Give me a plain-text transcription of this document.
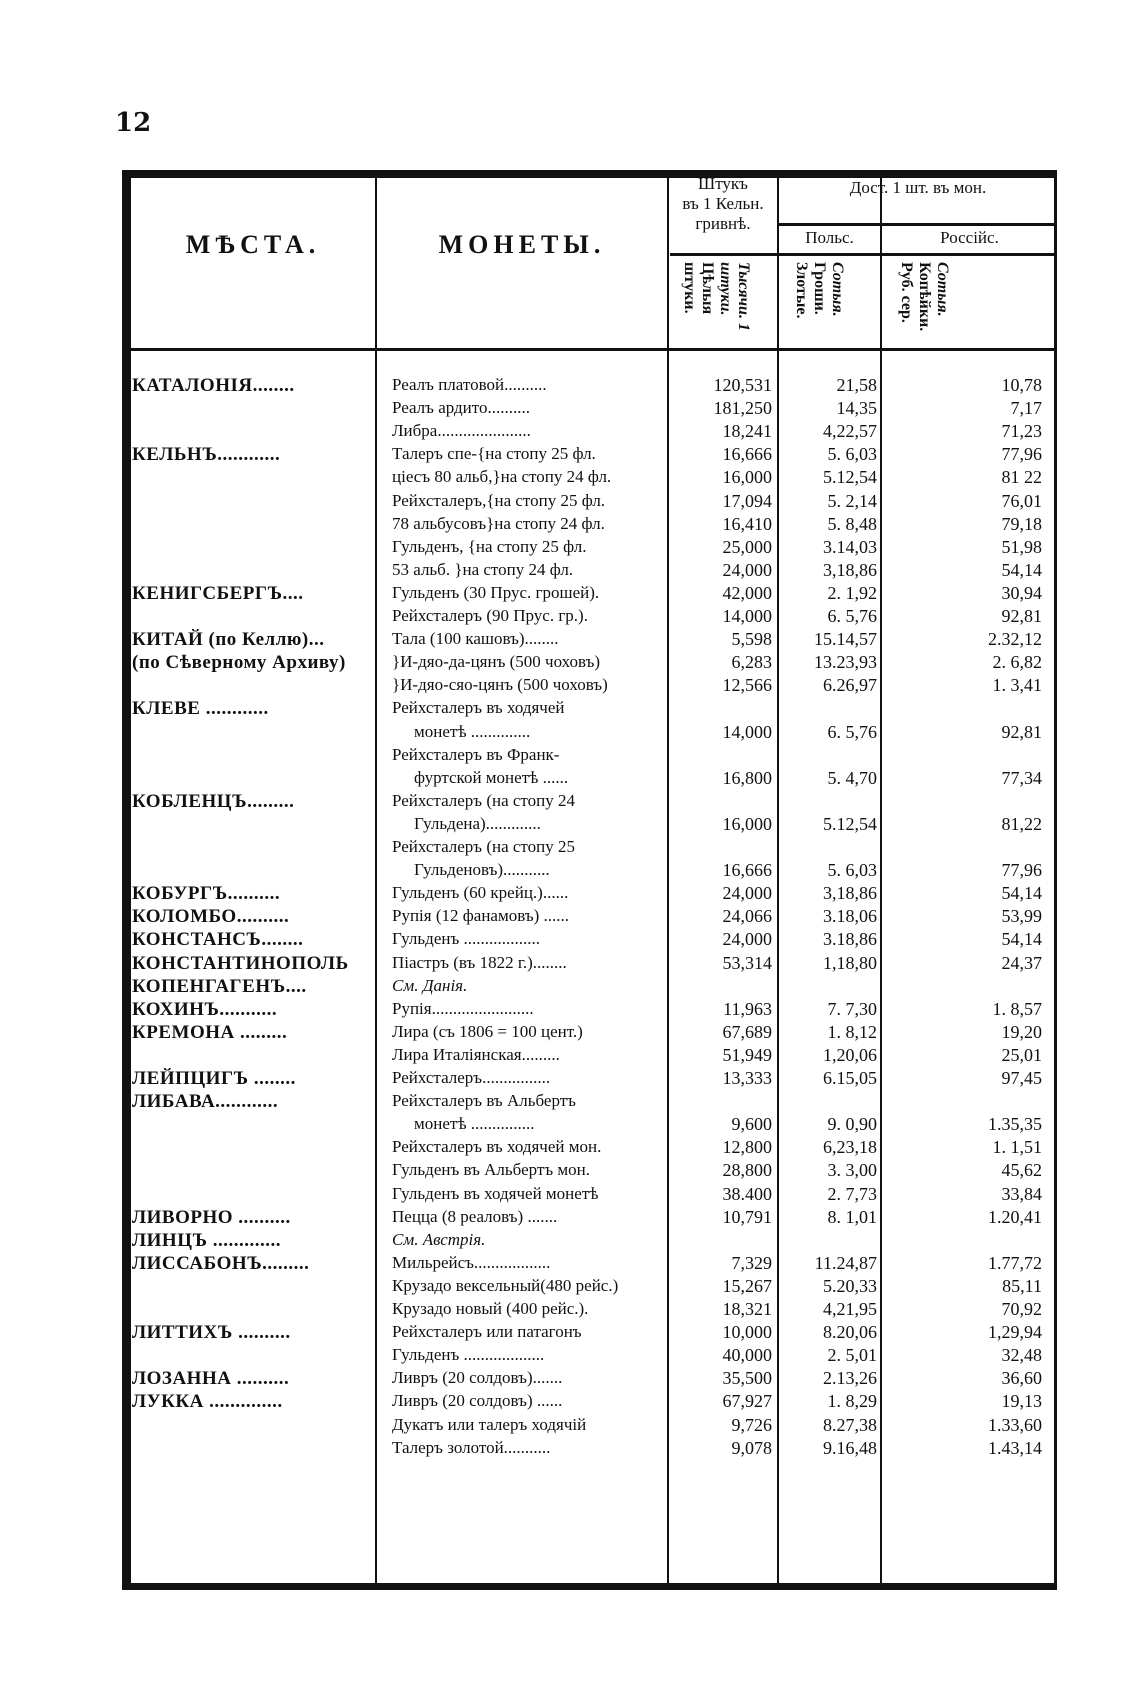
12
МѢСТА.	МОНЕТЫ.
Штукъ
въ 1 Кельн.
гривнѣ.
Дост. 1 шт. въ мон.
Польс.	Россійс.
Тысячи. 1 штуки. Цѣлыя штуки.	Сотыя. Гроши. Злотые.	Сотыя. Копѣйки. Руб. сер.
КАТАЛОНІЯ........	Реалъ платовой..........	120,531	21,58	10,78
Реалъ ардито..........	181,250	14,35	7,17
Либра......................	18,241	4,22,57	71,23
КЕЛЬНЪ............	Талеръ спе-{на стопу 25 фл.	16,666	5. 6,03	77,96
ціесъ 80 альб,}на стопу 24 фл.	16,000	5.12,54	81 22
Рейхсталеръ,{на стопу 25 фл.	17,094	5. 2,14	76,01
78 альбусовъ}на стопу 24 фл.	16,410	5. 8,48	79,18
Гульденъ, {на стопу 25 фл.	25,000	3.14,03	51,98
53 альб. }на стопу 24 фл.	24,000	3,18,86	54,14
КЕНИГСБЕРГЪ....	Гульденъ (30 Прус. грошей).	42,000	2. 1,92	30,94
Рейхсталеръ (90 Прус. гр.).	14,000	6. 5,76	92,81
КИТАЙ (по Келлю)...	Тала (100 кашовъ)........	5,598	15.14,57	2.32,12
(по Сѣверному Архиву)	}И-дяо-да-цянъ (500 чоховъ)	6,283	13.23,93	2. 6,82
}И-дяо-сяо-цянъ (500 чоховъ)	12,566	6.26,97	1. 3,41
КЛЕВЕ ............	Рейхсталеръ въ ходячей
монетѣ ..............	14,000	6. 5,76	92,81
Рейхсталеръ въ Франк-
фуртской монетѣ ......	16,800	5. 4,70	77,34
КОБЛЕНЦЪ.........	Рейхсталеръ (на стопу 24
Гульдена).............	16,000	5.12,54	81,22
Рейхсталеръ (на стопу 25
Гульденовъ)...........	16,666	5. 6,03	77,96
КОБУРГЪ..........	Гульденъ (60 крейц.)......	24,000	3,18,86	54,14
КОЛОМБО..........	Рупія (12 фанамовъ) ......	24,066	3.18,06	53,99
КОНСТАНСЪ........	Гульденъ ..................	24,000	3.18,86	54,14
КОНСТАНТИНОПОЛЬ	Піастръ (въ 1822 г.)........	53,314	1,18,80	24,37
КОПЕНГАГЕНЪ....	См. Данія.
КОХИНЪ...........	Рупія........................	11,963	7. 7,30	1. 8,57
КРЕМОНА .........	Лира (съ 1806 = 100 цент.)	67,689	1. 8,12	19,20
Лира Италіянская.........	51,949	1,20,06	25,01
ЛЕЙПЦИГЪ ........	Рейхсталеръ................	13,333	6.15,05	97,45
ЛИБАВА............	Рейхсталеръ въ Альбертъ
монетѣ ...............	9,600	9. 0,90	1.35,35
Рейхсталеръ въ ходячей мон.	12,800	6,23,18	1. 1,51
Гульденъ въ Альбертъ мон.	28,800	3. 3,00	45,62
Гульденъ въ ходячей монетѣ	38.400	2. 7,73	33,84
ЛИВОРНО ..........	Пецца (8 реаловъ) .......	10,791	8. 1,01	1.20,41
ЛИНЦЪ .............	См. Австрія.
ЛИССАБОНЪ.........	Мильрейсъ..................	7,329	11.24,87	1.77,72
Крузадо вексельный(480 рейс.)	15,267	5.20,33	85,11
Крузадо новый (400 рейс.).	18,321	4,21,95	70,92
ЛИТТИХЪ ..........	Рейхсталеръ или патагонъ	10,000	8.20,06	1,29,94
Гульденъ ...................	40,000	2. 5,01	32,48
ЛОЗАННА ..........	Ливръ (20 солдовъ).......	35,500	2.13,26	36,60
ЛУККА ..............	Ливръ (20 солдовъ) ......	67,927	1. 8,29	19,13
Дукатъ или талеръ ходячій	9,726	8.27,38	1.33,60
Талеръ золотой...........	9,078	9.16,48	1.43,14
